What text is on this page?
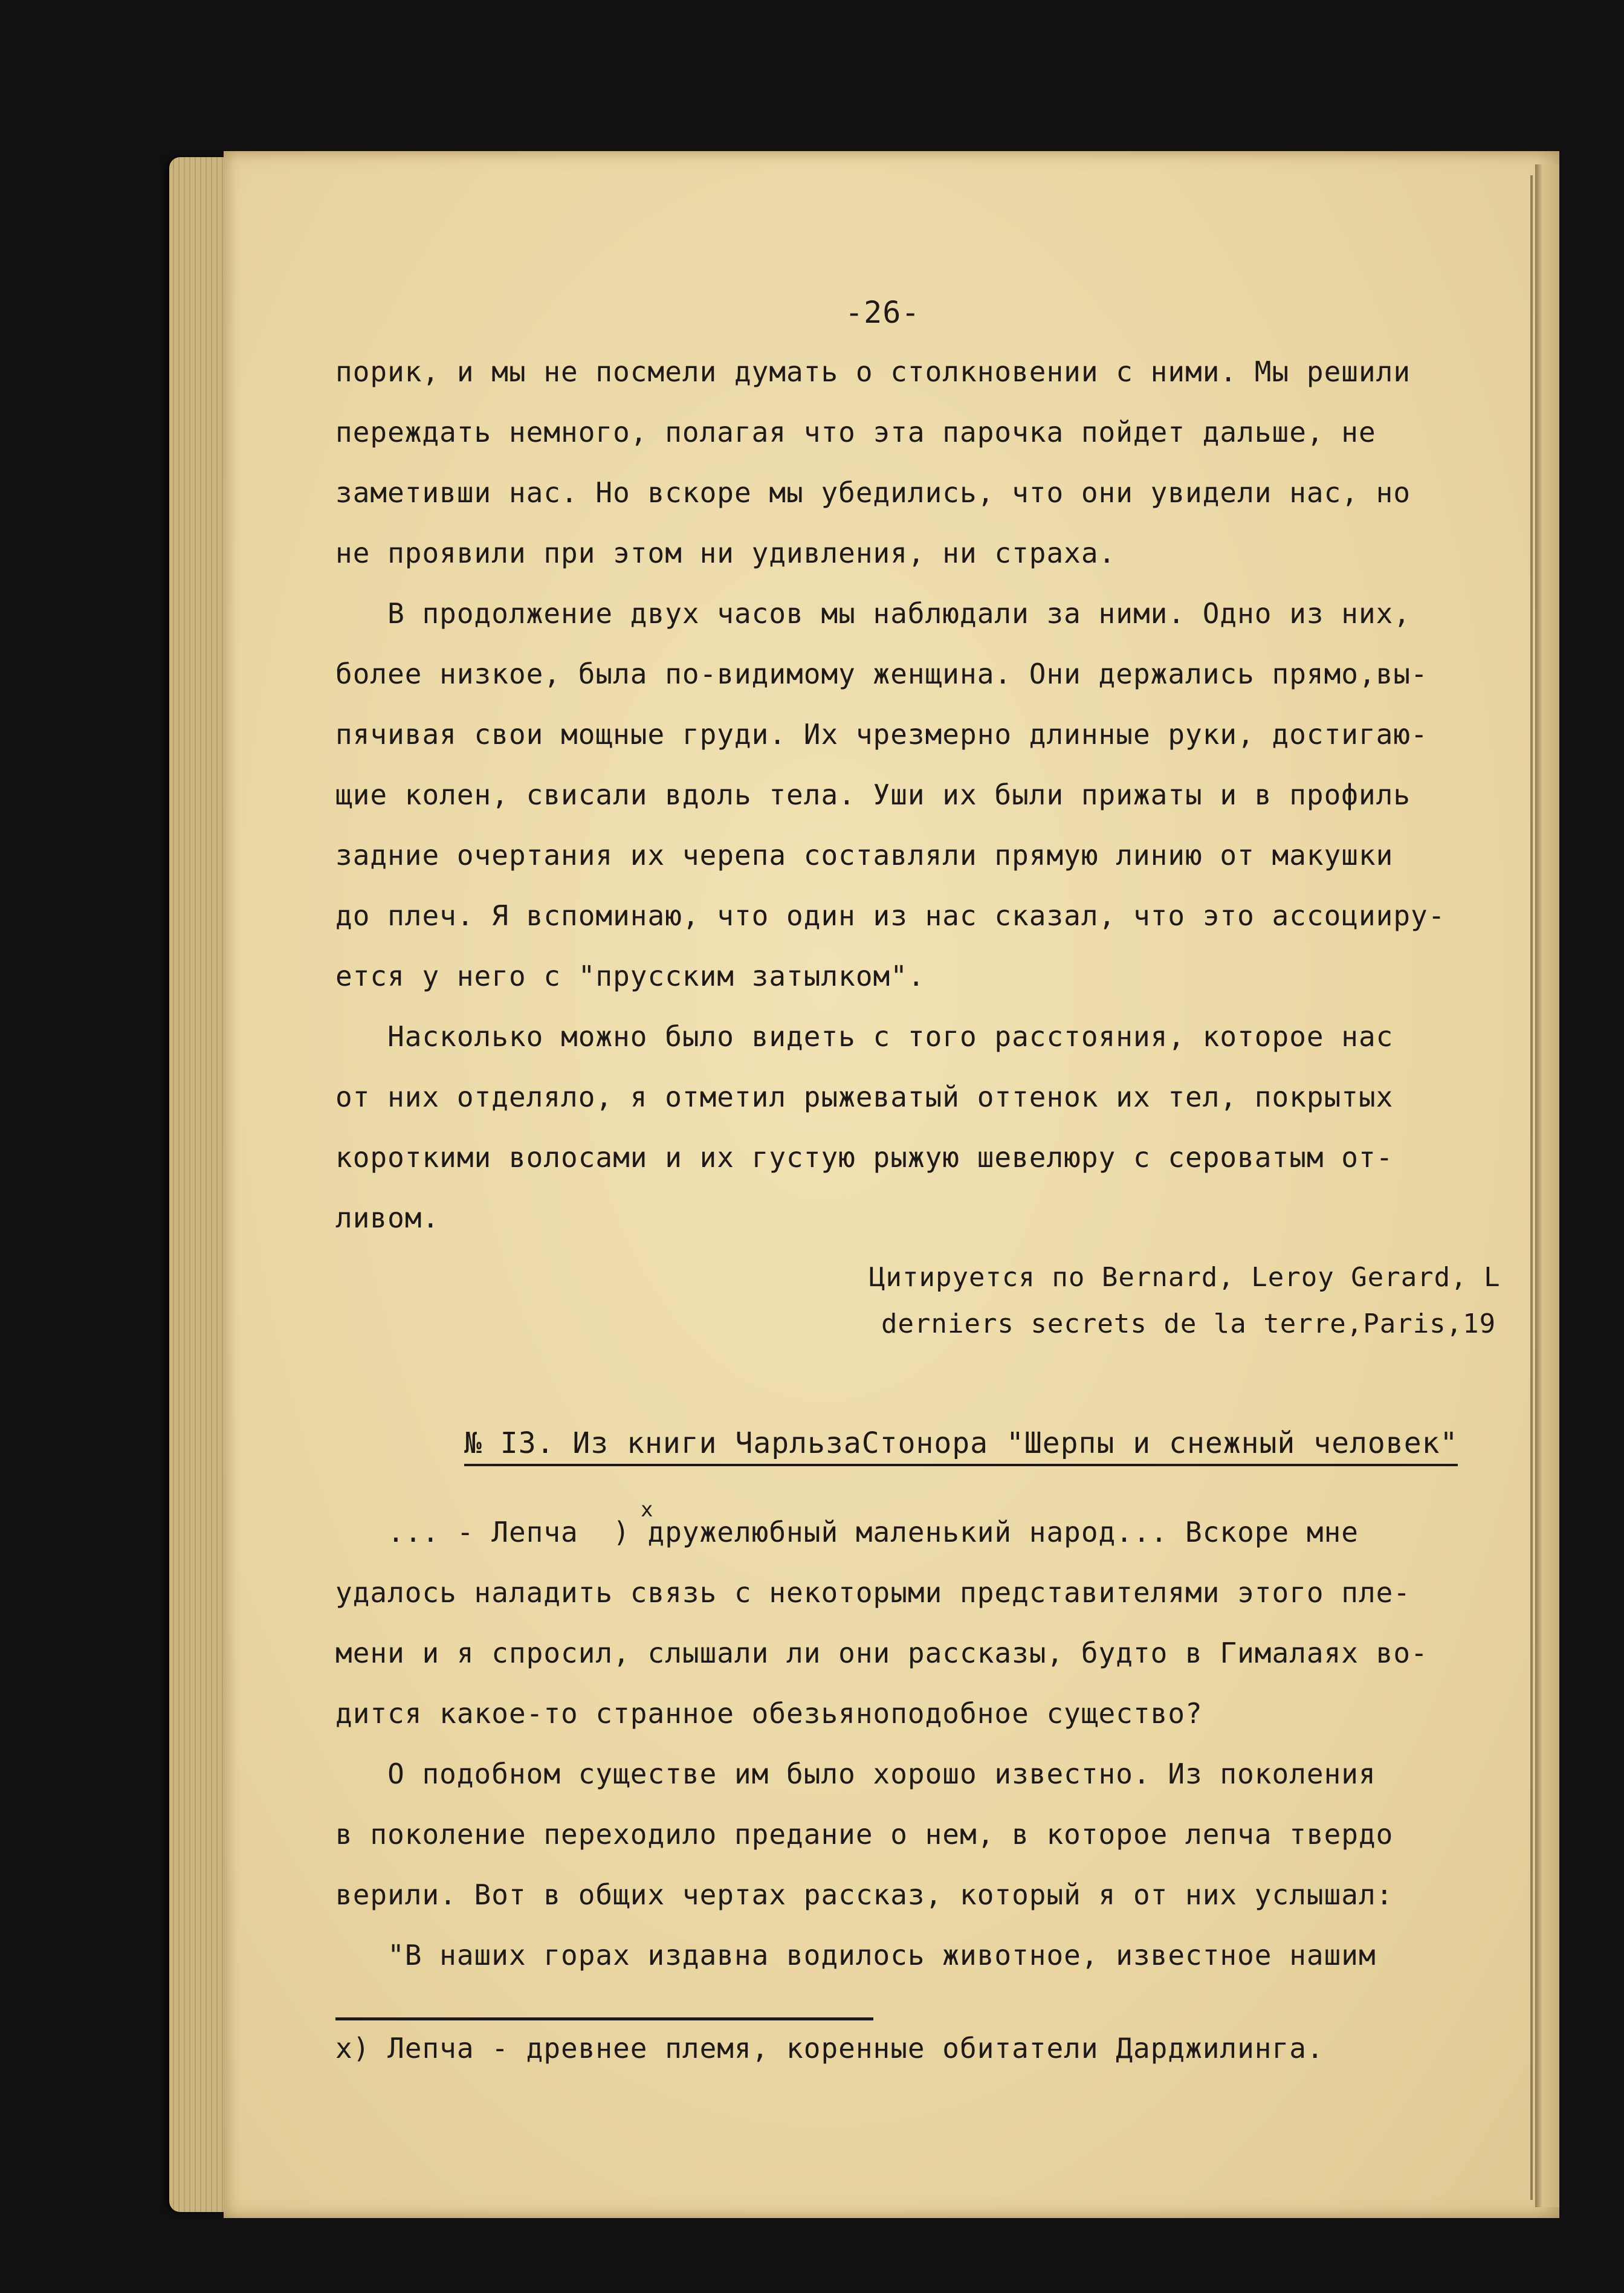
-26-
порик, и мы не посмели думать о столкновении с ними. Мы решили
переждать немного, полагая что эта парочка пойдет дальше, не
заметивши нас. Но вскоре мы убедились, что они увидели нас, но
не проявили при этом ни удивления, ни страха.
В продолжение двух часов мы наблюдали за ними. Одно из них,
более низкое, была по-видимому женщина. Они держались прямо,вы-
пячивая свои мощные груди. Их чрезмерно длинные руки, достигаю-
щие колен, свисали вдоль тела. Уши их были прижаты и в профиль
задние очертания их черепа составляли прямую линию от макушки
до плеч. Я вспоминаю, что один из нас сказал, что это ассоцииру-
ется у него с "прусским затылком".
Насколько можно было видеть с того расстояния, которое нас
от них отделяло, я отметил рыжеватый оттенок их тел, покрытых
короткими волосами и их густую рыжую шевелюру с сероватым от-
ливом.
Цитируется по Bernard, Leroy Gerard, L
derniers secrets de la terre,Paris,19
№ I3. Из книги ЧарльзаСтонора "Шерпы и снежный человек"
... - Лепча  ) дружелюбный маленький народ... Вскоре мне
x
удалось наладить связь с некоторыми представителями этого пле-
мени и я спросил, слышали ли они рассказы, будто в Гималаях во-
дится какое-то странное обезьяноподобное существо?
О подобном существе им было хорошо известно. Из поколения
в поколение переходило предание о нем, в которое лепча твердо
верили. Вот в общих чертах рассказ, который я от них услышал:
"В наших горах издавна водилось животное, известное нашим
x) Лепча - древнее племя, коренные обитатели Дарджилинга.
